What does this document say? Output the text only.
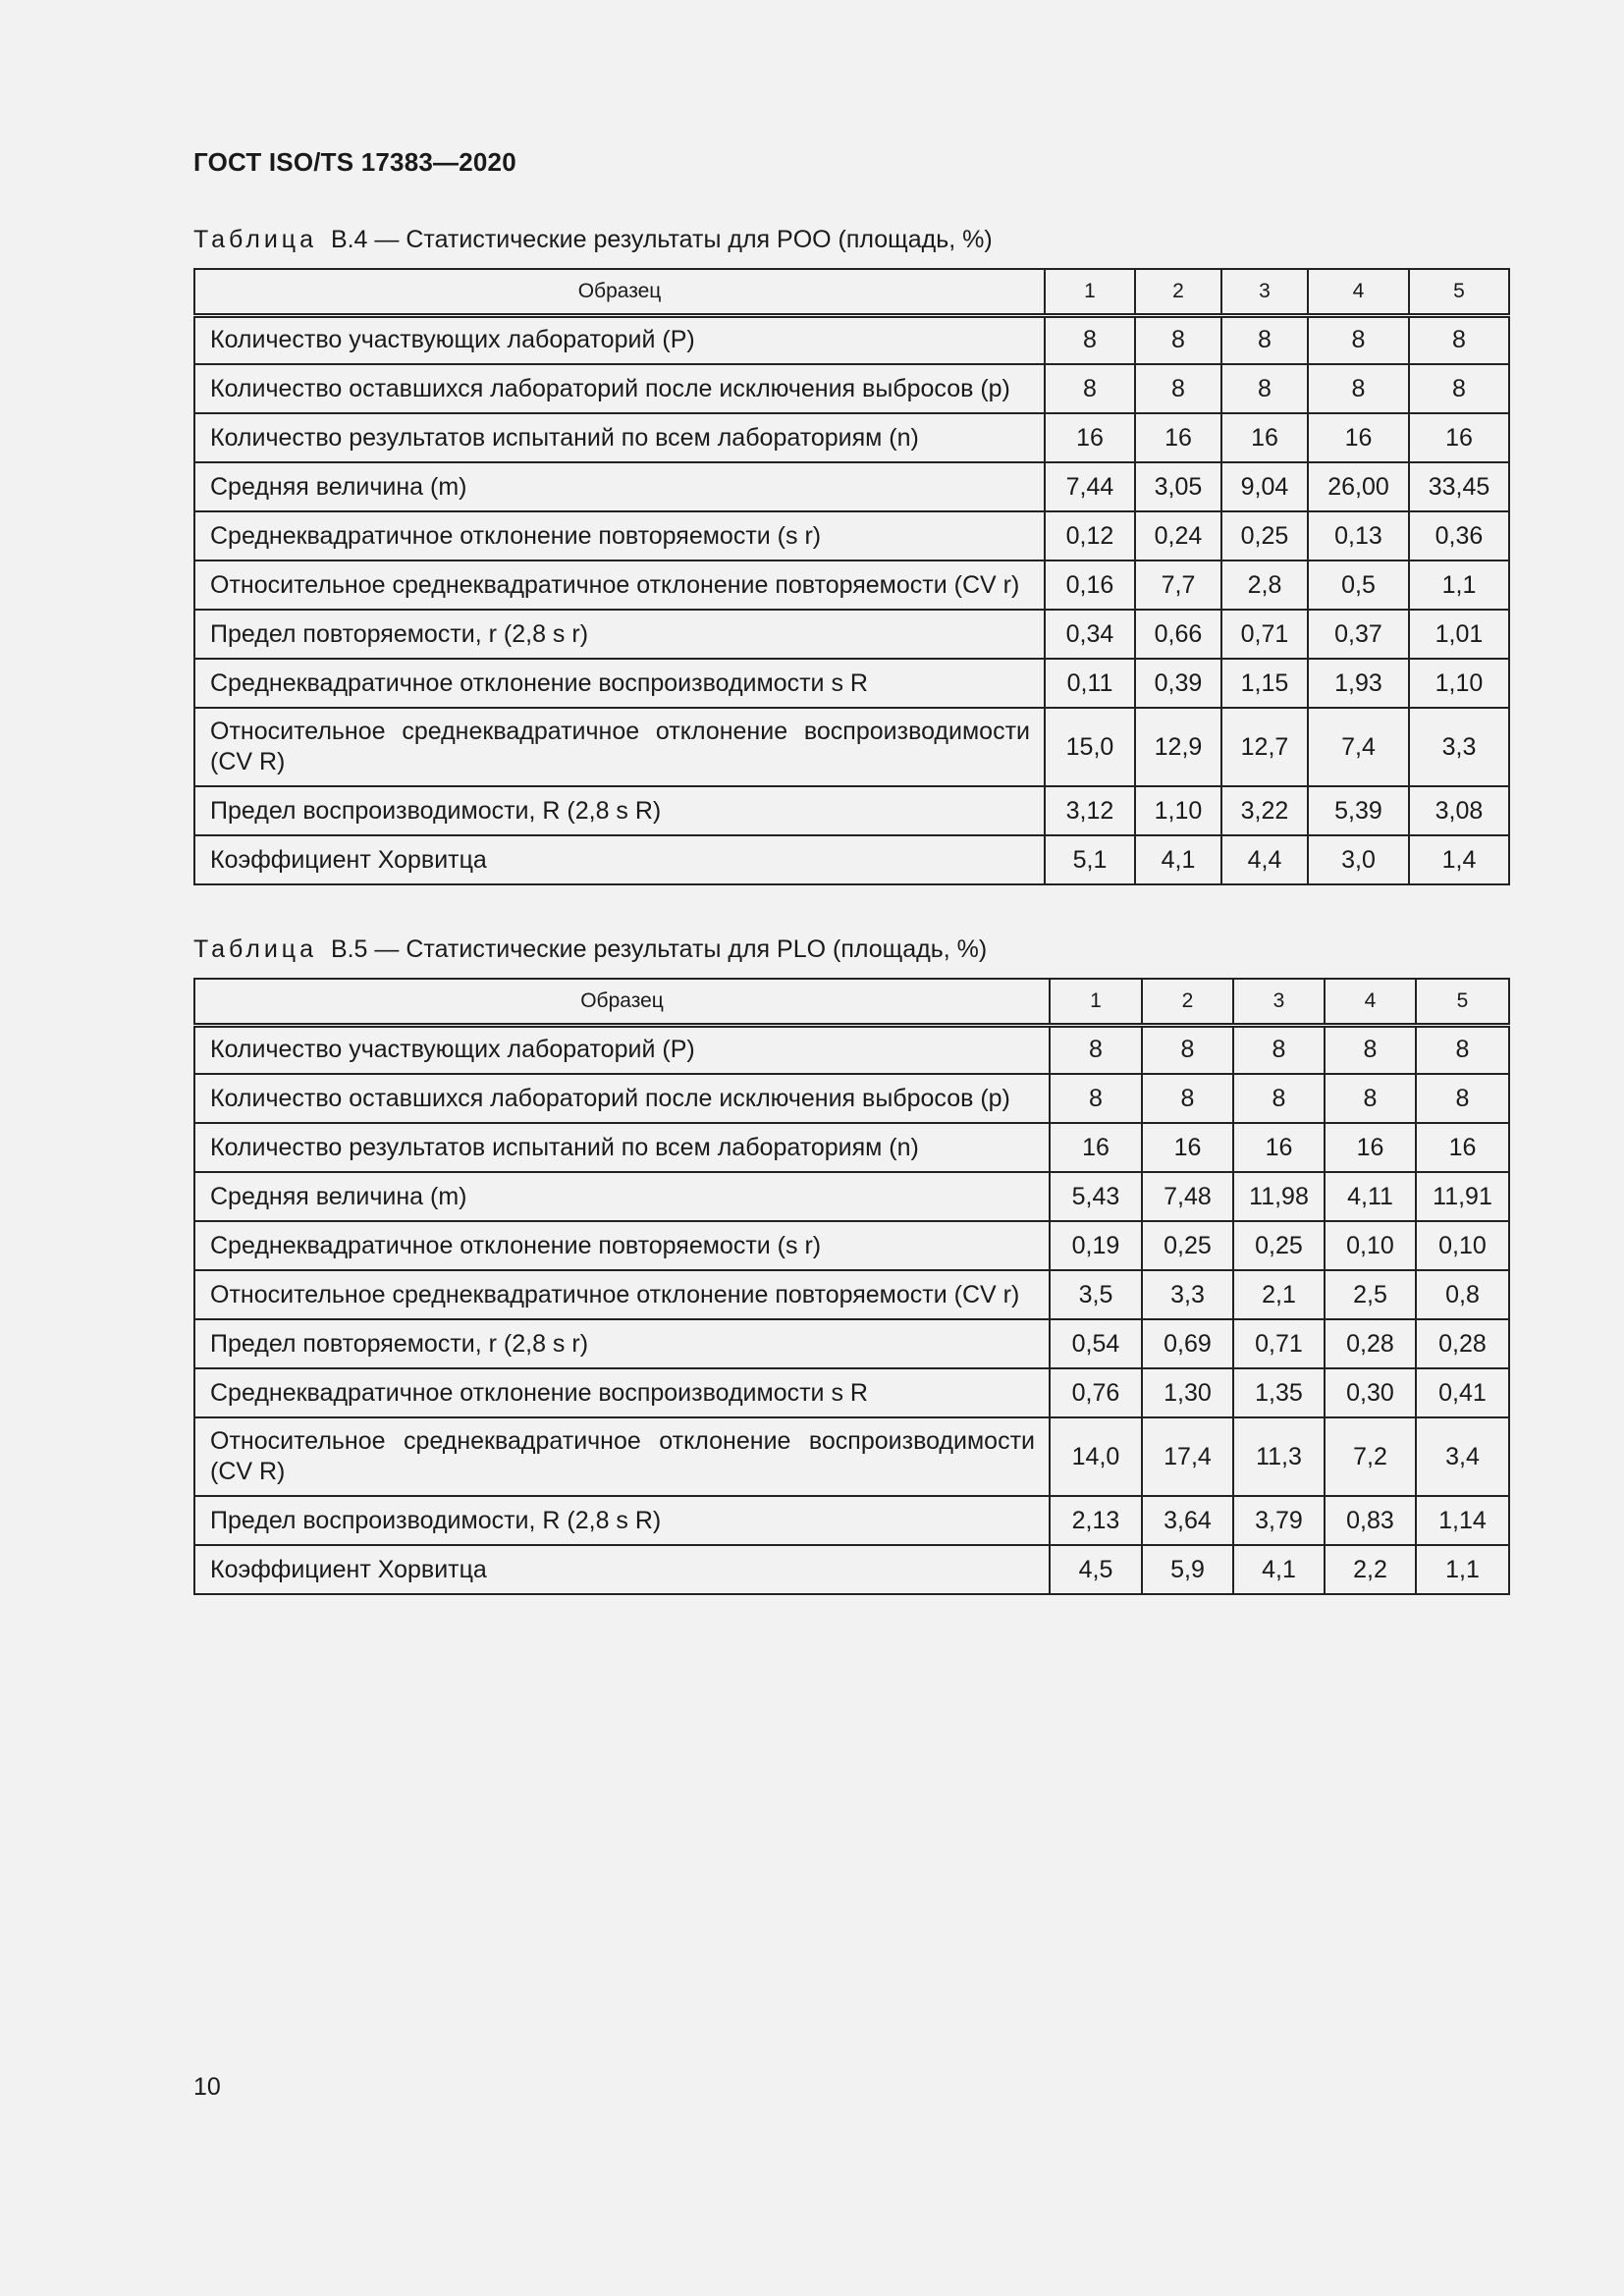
ГОСТ ISO/TS 17383—2020
Таблица В.4 — Статистические результаты для POO (площадь, %)
Образец	1	2	3	4	5
Количество участвующих лабораторий (P)	8	8	8	8	8
Количество оставшихся лабораторий после исключения выбросов (p)	8	8	8	8	8
Количество результатов испытаний по всем лабораториям (n)	16	16	16	16	16
Средняя величина (m)	7,44	3,05	9,04	26,00	33,45
Среднеквадратичное отклонение повторяемости (s r)	0,12	0,24	0,25	0,13	0,36
Относительное среднеквадратичное отклонение повторяемости (CV r)	0,16	7,7	2,8	0,5	1,1
Предел повторяемости, r (2,8 s r)	0,34	0,66	0,71	0,37	1,01
Среднеквадратичное отклонение воспроизводимости s R	0,11	0,39	1,15	1,93	1,10
Относительное среднеквадратичное отклонение воспроизводимости (CV R)	15,0	12,9	12,7	7,4	3,3
Предел воспроизводимости, R (2,8 s R)	3,12	1,10	3,22	5,39	3,08
Коэффициент Хорвитца	5,1	4,1	4,4	3,0	1,4
Таблица В.5 — Статистические результаты для PLO (площадь, %)
Образец	1	2	3	4	5
Количество участвующих лабораторий (P)	8	8	8	8	8
Количество оставшихся лабораторий после исключения выбросов (p)	8	8	8	8	8
Количество результатов испытаний по всем лабораториям (n)	16	16	16	16	16
Средняя величина (m)	5,43	7,48	11,98	4,11	11,91
Среднеквадратичное отклонение повторяемости (s r)	0,19	0,25	0,25	0,10	0,10
Относительное среднеквадратичное отклонение повторяемости (CV r)	3,5	3,3	2,1	2,5	0,8
Предел повторяемости, r (2,8 s r)	0,54	0,69	0,71	0,28	0,28
Среднеквадратичное отклонение воспроизводимости s R	0,76	1,30	1,35	0,30	0,41
Относительное среднеквадратичное отклонение воспроизводимости (CV R)	14,0	17,4	11,3	7,2	3,4
Предел воспроизводимости, R (2,8 s R)	2,13	3,64	3,79	0,83	1,14
Коэффициент Хорвитца	4,5	5,9	4,1	2,2	1,1
10
